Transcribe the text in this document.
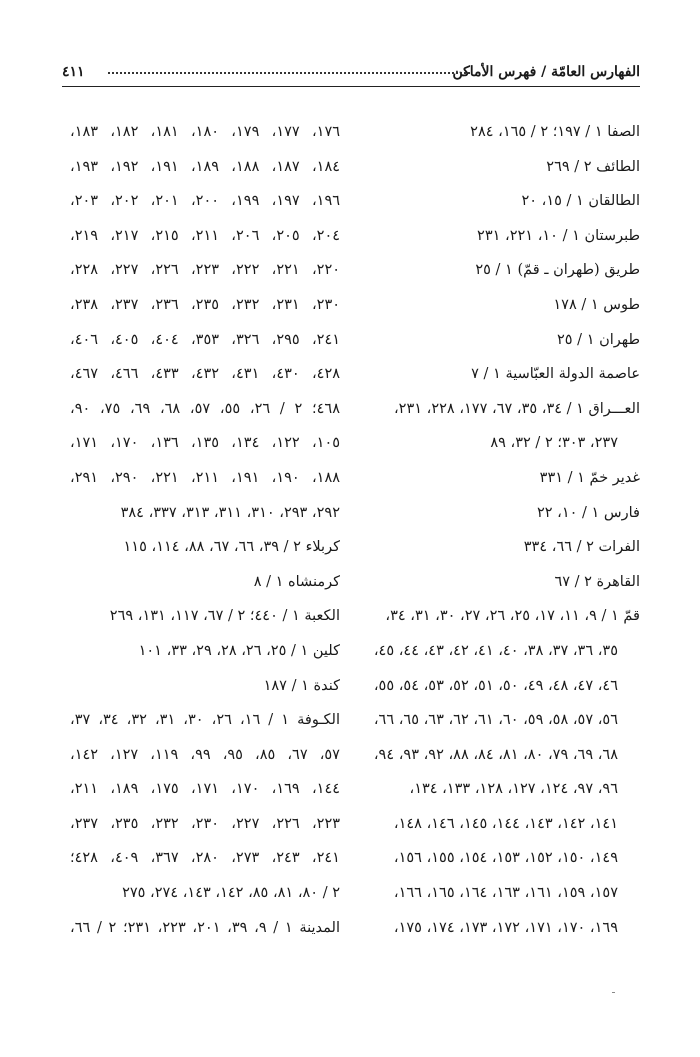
الفهارس العامّة / فهرس الأماكن
٤١١
الصفا ١ / ١٩٧؛ ٢ / ١٦٥، ٢٨٤
الطائف ٢ / ٢٦٩
الطالقان ١ / ١٥، ٢٠
طبرستان ١ / ١٠، ٢٢١، ٢٣١
طريق (طهران ـ قمّ) ١ / ٢٥
طوس ١ / ١٧٨
طهران ١ / ٢٥
عاصمة الدولة العبّاسية ١ / ٧
العـــراق ١ / ٣٤، ٣٥، ٦٧، ١٧٧، ٢٢٨، ٢٣١،
٢٣٧، ٣٠٣؛ ٢ / ٣٢، ٨٩
غدير خمّ ١ / ٣٣١
فارس ١ / ١٠، ٢٢
الفرات ٢ / ٦٦، ٣٣٤
القاهرة ٢ / ٦٧
قمّ ١ / ٩، ١١، ١٧، ٢٥، ٢٦، ٢٧، ٣٠، ٣١، ٣٤،
٣٥، ٣٦، ٣٧، ٣٨، ٤٠، ٤١، ٤٢، ٤٣، ٤٤، ٤٥،
٤٦، ٤٧، ٤٨، ٤٩، ٥٠، ٥١، ٥٢، ٥٣، ٥٤، ٥٥،
٥٦، ٥٧، ٥٨، ٥٩، ٦٠، ٦١، ٦٢، ٦٣، ٦٥، ٦٦،
٦٨، ٦٩، ٧٩، ٨٠، ٨١، ٨٤، ٨٨، ٩٢، ٩٣، ٩٤،
٩٦، ٩٧، ١٢٤، ١٢٧، ١٢٨، ١٣٣، ١٣٤،
١٤١، ١٤٢، ١٤٣، ١٤٤، ١٤٥، ١٤٦، ١٤٨،
١٤٩، ١٥٠، ١٥٢، ١٥٣، ١٥٤، ١٥٥، ١٥٦،
١٥٧، ١٥٩، ١٦١، ١٦٣، ١٦٤، ١٦٥، ١٦٦،
١٦٩، ١٧٠، ١٧١، ١٧٢، ١٧٣، ١٧٤، ١٧٥،
١٧٦، ١٧٧، ١٧٩، ١٨٠، ١٨١، ١٨٢، ١٨٣،
١٨٤، ١٨٧، ١٨٨، ١٨٩، ١٩١، ١٩٢، ١٩٣،
١٩٦، ١٩٧، ١٩٩، ٢٠٠، ٢٠١، ٢٠٢، ٢٠٣،
٢٠٤، ٢٠٥، ٢٠٦، ٢١١، ٢١٥، ٢١٧، ٢١٩،
٢٢٠، ٢٢١، ٢٢٢، ٢٢٣، ٢٢٦، ٢٢٧، ٢٢٨،
٢٣٠، ٢٣١، ٢٣٢، ٢٣٥، ٢٣٦، ٢٣٧، ٢٣٨،
٢٤١، ٢٩٥، ٣٢٦، ٣٥٣، ٤٠٤، ٤٠٥، ٤٠٦،
٤٢٨، ٤٣٠، ٤٣١، ٤٣٢، ٤٣٣، ٤٦٦، ٤٦٧،
٤٦٨؛ ٢ / ٢٦، ٥٥، ٥٧، ٦٨، ٦٩، ٧٥، ٩٠،
١٠٥، ١٢٢، ١٣٤، ١٣٥، ١٣٦، ١٧٠، ١٧١،
١٨٨، ١٩٠، ١٩١، ٢١١، ٢٢١، ٢٩٠، ٢٩١،
٢٩٢، ٢٩٣، ٣١٠، ٣١١، ٣١٣، ٣٣٧، ٣٨٤
كربلاء ٢ / ٣٩، ٦٦، ٦٧، ٨٨، ١١٤، ١١٥
كرمنشاه ١ / ٨
الكعبة ١ / ٤٤٠؛ ٢ / ٦٧، ١١٧، ١٣١، ٢٦٩
كلين ١ / ٢٥، ٢٦، ٢٨، ٢٩، ٣٣، ١٠١
كندة ١ / ١٨٧
الكـوفة ١ / ١٦، ٢٦، ٣٠، ٣١، ٣٢، ٣٤، ٣٧،
٥٧، ٦٧، ٨٥، ٩٥، ٩٩، ١١٩، ١٢٧، ١٤٢،
١٤٤، ١٦٩، ١٧٠، ١٧١، ١٧٥، ١٨٩، ٢١١،
٢٢٣، ٢٢٦، ٢٢٧، ٢٣٠، ٢٣٢، ٢٣٥، ٢٣٧،
٢٤١، ٢٤٣، ٢٧٣، ٢٨٠، ٣٦٧، ٤٠٩، ٤٢٨؛
٢ / ٨٠، ٨١، ٨٥، ١٤٢، ١٤٣، ٢٧٤، ٢٧٥
المدينة ١ / ٩، ٣٩، ٢٠١، ٢٢٣، ٢٣١؛ ٢ / ٦٦،
